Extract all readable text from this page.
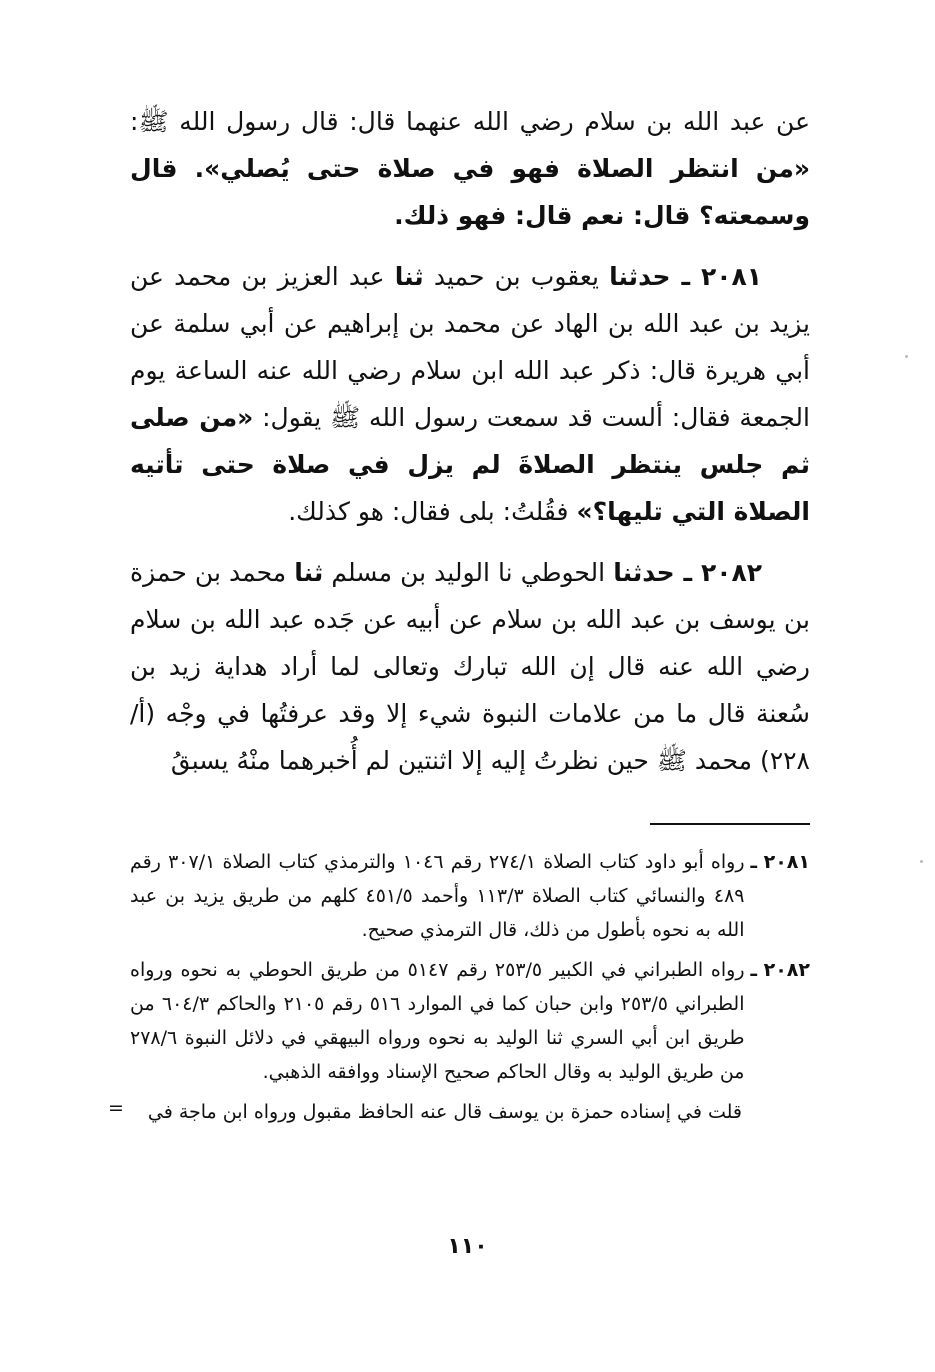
عن عبد الله بن سلام رضي الله عنهما قال: قال رسول الله ﷺ: «من انتظر الصلاة فهو في صلاة حتى يُصلي». قال وسمعته؟ قال: نعم قال: فهو ذلك.

٢٠٨١ ـ حدثنا يعقوب بن حميد ثنا عبد العزيز بن محمد عن يزيد بن عبد الله بن الهاد عن محمد بن إبراهيم عن أبي سلمة عن أبي هريرة قال: ذكر عبد الله ابن سلام رضي الله عنه الساعة يوم الجمعة فقال: ألست قد سمعت رسول الله ﷺ يقول: «من صلى ثم جلس ينتظر الصلاةَ لم يزل في صلاة حتى تأتيه الصلاة التي تليها؟» فقُلتُ: بلى فقال: هو كذلك.

٢٠٨٢ ـ حدثنا الحوطي نا الوليد بن مسلم ثنا محمد بن حمزة بن يوسف بن عبد الله بن سلام عن أبيه عن جَده عبد الله بن سلام رضي الله عنه قال إن الله تبارك وتعالى لما أراد هداية زيد بن سُعنة قال ما من علامات النبوة شيء إلا وقد عرفتُها في وجْه (أ/٢٢٨) محمد ﷺ حين نظرتُ إليه إلا اثنتين لم أُخبرهما منْهُ يسبقُ

٢٠٨١ ـ
رواه أبو داود كتاب الصلاة ٢٧٤/١ رقم ١٠٤٦ والترمذي كتاب الصلاة ٣٠٧/١ رقم ٤٨٩ والنسائي كتاب الصلاة ١١٣/٣ وأحمد ٤٥١/٥ كلهم من طريق يزيد بن عبد الله به نحوه بأطول من ذلك، قال الترمذي صحيح.
٢٠٨٢ ـ
رواه الطبراني في الكبير ٢٥٣/٥ رقم ٥١٤٧ من طريق الحوطي به نحوه ورواه الطبراني ٢٥٣/٥ وابن حبان كما في الموارد ٥١٦ رقم ٢١٠٥ والحاكم ٦٠٤/٣ من طريق ابن أبي السري ثنا الوليد به نحوه ورواه البيهقي في دلائل النبوة ٢٧٨/٦ من طريق الوليد به وقال الحاكم صحيح الإسناد ووافقه الذهبي.
قلت في إسناده حمزة بن يوسف قال عنه الحافظ مقبول ورواه ابن ماجة في
=
١١٠
